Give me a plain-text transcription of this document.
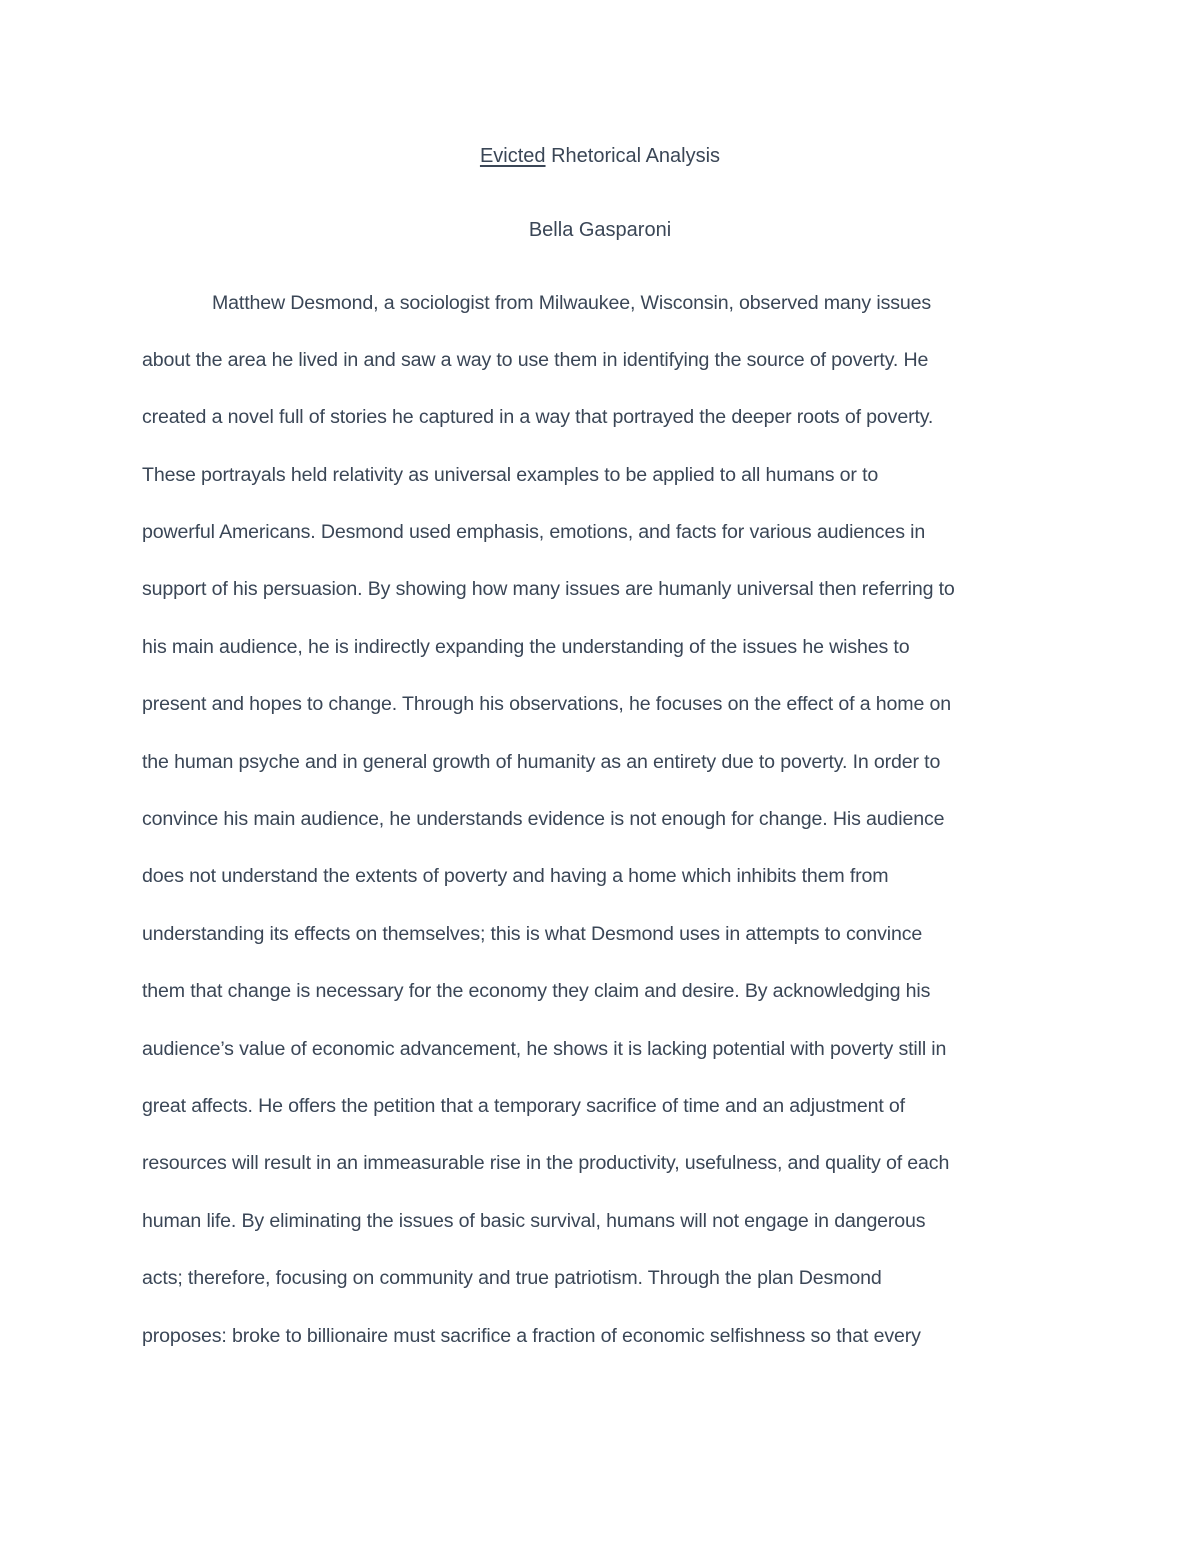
Evicted Rhetorical Analysis
Bella Gasparoni
Matthew Desmond, a sociologist from Milwaukee, Wisconsin, observed many issues
about the area he lived in and saw a way to use them in identifying the source of poverty. He
created a novel full of stories he captured in a way that portrayed the deeper roots of poverty.
These portrayals held relativity as universal examples to be applied to all humans or to
powerful Americans. Desmond used emphasis, emotions, and facts for various audiences in
support of his persuasion. By showing how many issues are humanly universal then referring to
his main audience, he is indirectly expanding the understanding of the issues he wishes to
present and hopes to change. Through his observations, he focuses on the effect of a home on
the human psyche and in general growth of humanity as an entirety due to poverty. In order to
convince his main audience, he understands evidence is not enough for change. His audience
does not understand the extents of poverty and having a home which inhibits them from
understanding its effects on themselves; this is what Desmond uses in attempts to convince
them that change is necessary for the economy they claim and desire. By acknowledging his
audience’s value of economic advancement, he shows it is lacking potential with poverty still in
great affects. He offers the petition that a temporary sacrifice of time and an adjustment of
resources will result in an immeasurable rise in the productivity, usefulness, and quality of each
human life. By eliminating the issues of basic survival, humans will not engage in dangerous
acts; therefore, focusing on community and true patriotism. Through the plan Desmond
proposes: broke to billionaire must sacrifice a fraction of economic selfishness so that every
